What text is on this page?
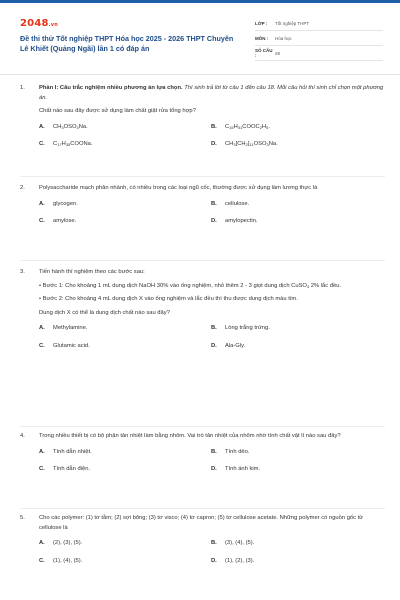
2048.vn
Đề thi thử Tốt nghiệp THPT Hóa học 2025 - 2026 THPT Chuyên Lê Khiết (Quảng Ngãi) lần 1 có đáp án
LỚP :	Tốt nghiệp THPT
MÔN :	Hóa học
SỐ CÂU :	28
1.	Phần I: Câu trắc nghiệm nhiều phương án lựa chọn. Thí sinh trả lời từ câu 1 đến câu 18. Mỗi câu hỏi thí sinh chỉ chọn một phương án.
Chất nào sau đây được sử dụng làm chất giặt rửa tổng hợp?
A.	$CH_3OSO_3Na$.	B.	$C_{15}H_{31}COOC_2H_5$.
C.	$C_{17}H_{35}COONa$.	D.	$CH_3[CH_2]_{11}OSO_3Na$.
2.	Polysaccharide mạch phân nhánh, có nhiều trong các loại ngũ cốc, thường được sử dụng làm lương thực là
A.	glycogen.	B.	cellulose.
C.	amylose.	D.	amylopectin.
3.	Tiến hành thí nghiệm theo các bước sau:
• Bước 1: Cho khoảng 1 mL dung dịch NaOH 30% vào ống nghiệm, nhỏ thêm 2 - 3 giọt dung dịch CuSO$_4$ 2% lắc đều.
• Bước 2: Cho khoảng 4 mL dung dịch X vào ống nghiệm và lắc đều thì thu được dung dịch màu tím.
Dung dịch X có thể là dung dịch chất nào sau đây?
A.	Methylamine.	B.	Lòng trắng trứng.
C.	Glutamic acid.	D.	Ala-Gly.
4.	Trong nhiều thiết bị có bộ phận tản nhiệt làm bằng nhôm. Vai trò tản nhiệt của nhôm nhờ tính chất vật lí nào sau đây?
A.	Tính dẫn nhiệt.	B.	Tính dẻo.
C.	Tính dẫn điện.	D.	Tính ánh kim.
5.	Cho các polymer: (1) tơ tằm; (2) sợi bông; (3) tơ visco; (4) tơ capron; (5) tơ cellulose acetate. Những polymer có nguồn gốc từ cellulose là
A.	(2), (3), (5).	B.	(3), (4), (5).
C.	(1), (4), (5).	D.	(1), (2), (3).
